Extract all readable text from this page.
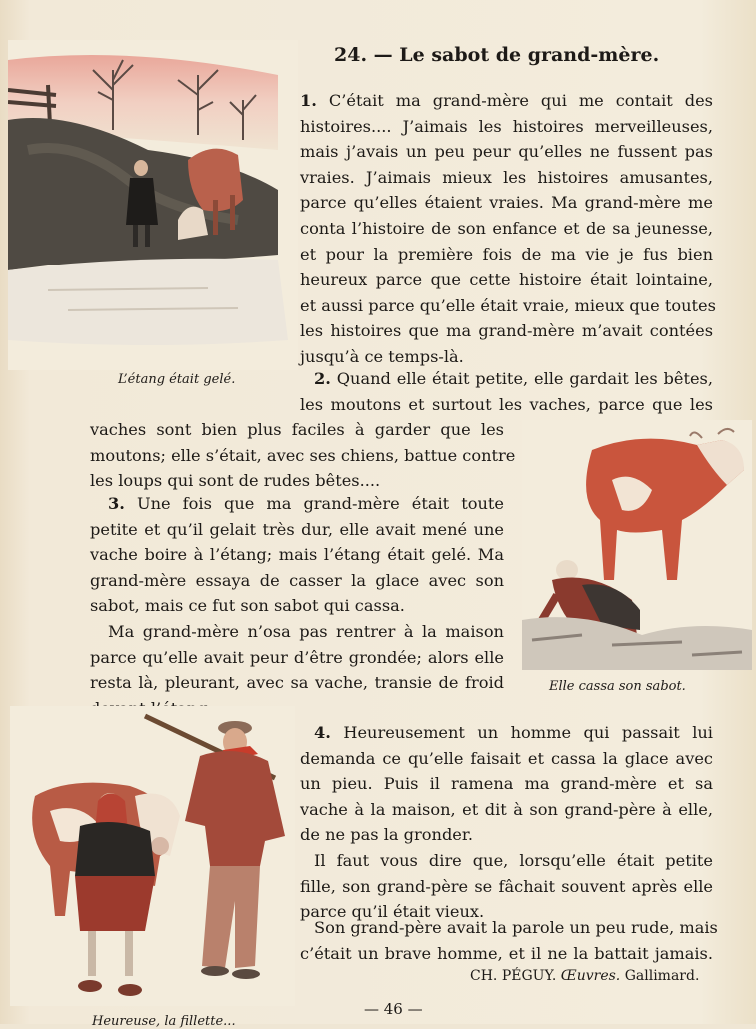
24. — Le sabot de grand-mère.
L’étang était gelé.
1. C’était ma grand-mère qui me contait des
histoires.... J’aimais les histoires merveilleuses,
mais j’avais un peu peur qu’elles ne fussent pas
vraies. J’aimais mieux les histoires amusantes,
parce qu’elles étaient vraies. Ma grand-mère me
conta l’histoire de son enfance et de sa jeunesse,
et pour la première fois de ma vie je fus bien
heureux parce que cette histoire était lointaine,
et aussi parce qu’elle était vraie, mieux que toutes
les histoires que ma grand-mère m’avait contées
jusqu’à ce temps-là.
2. Quand elle était petite, elle gardait les bêtes,
les moutons et surtout les vaches, parce que les
vaches sont bien plus faciles à garder que les
moutons; elle s’était, avec ses chiens, battue contre
les loups qui sont de rudes bêtes....
3. Une fois que ma grand-mère était toute
petite et qu’il gelait très dur, elle avait mené une
vache boire à l’étang; mais l’étang était gelé. Ma
grand-mère essaya de casser la glace avec son
sabot, mais ce fut son sabot qui cassa.
Ma grand-mère n’osa pas rentrer à la maison
parce qu’elle avait peur d’être grondée; alors elle
resta là, pleurant, avec sa vache, transie de froid	Elle cassa son sabot.
4. Heureusement un homme qui passait lui
demanda ce qu’elle faisait et cassa la glace avec
un pieu. Puis il ramena ma grand-mère et sa
vache à la maison, et dit à son grand-père à elle,
de ne pas la gronder.
Il faut vous dire que, lorsqu’elle était petite
fille, son grand-père se fâchait souvent après elle
parce qu’il était vieux.
Son grand-père avait la parole un peu rude, mais
c’était un brave homme, et il ne la battait jamais.
Heureuse, la fillette...
CH. PÉGUY. Œuvres. Gallimard.
— 46 —
